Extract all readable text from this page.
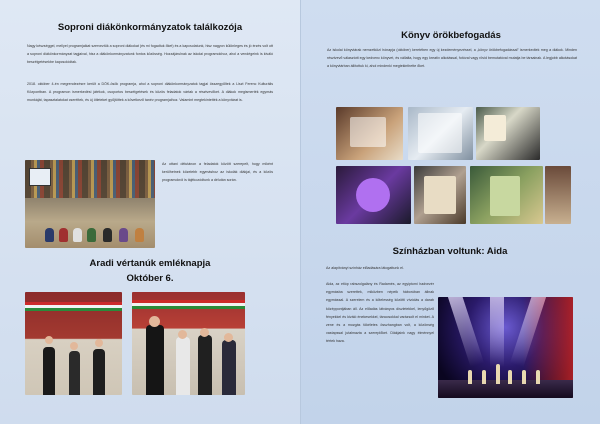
Soproni diákönkormányzatok találkozója
Nagy készséggel, mellyel programjaikat szerveztük a soproni diákokat (és mi fogadtuk őket) és a kapcsolatunk, hisz nagyon különleges és jó érzés volt ott a soproni diákönkormányzat tagjaival, hisz a diákönkormányzatunk fontos közösség. Hozzájárulnak az iskolai programokhoz, ahol a vendégeink is kiváló beszélgetésekbe kapcsolódtak.
2018. október 4-én megrendezésre került a DÖK-ösök programja, ahol a soproni diákönkormányzatok tagjai összegyűltek a Liszt Ferenc Kulturális Központban. A programon ismerkedési játékok, csoportos beszélgetések és közös feladatok vártak a résztvevőket. A diákok megismerték egymás munkáját, tapasztalatokat cseréltek, és új ötleteket gyűjtöttek a következő tanév programjaihoz. Valamint megtekintették a könyvtárat is.
Az ottani délutánon a feladatok között szerepelt, hogy miként kerülhetnek közelebb egymáshoz az iskolák diákjai, és a közös programokról is tájékozódtunk a délután során.
Aradi vértanúk emléknapja
Október 6.
Könyv örökbefogadás
Az iskolai könyvtárak nemzetközi hónapja (október) keretében egy új kezdeményezéssel, a „könyv örökbefogadással” ismerkedtek meg a diákok. Minden résztvevő választott egy kedvenc könyvet, és vállalta, hogy egy kreatív alkotással, fotóval vagy rövid bemutatóval mutatja be társainak. A legjobb alkotásokat a könyvtárban állítottuk ki, ahol mindenki megtekinthette őket.
Színházban voltunk: Aida
Az alapítványi színház előadására látogattunk el.
Aida, az etióp rabszolgalány és Radamés, az egyiptomi hadvezér egymásba szerettek, miközben népeik háborúban állnak egymással. A szerelem és a kötelesség közötti vívódás a darab középpontjában áll. Az előadás látványos díszletekkel, lenyűgöző fényekkel és kiváló énekesekkel, táncosokkal varázsolt el minket. A zene és a mozgás tökéletes összhangban volt, a közönség vastapssal jutalmazta a szereplőket. Diákjaink nagy élménnyel tértek haza.
